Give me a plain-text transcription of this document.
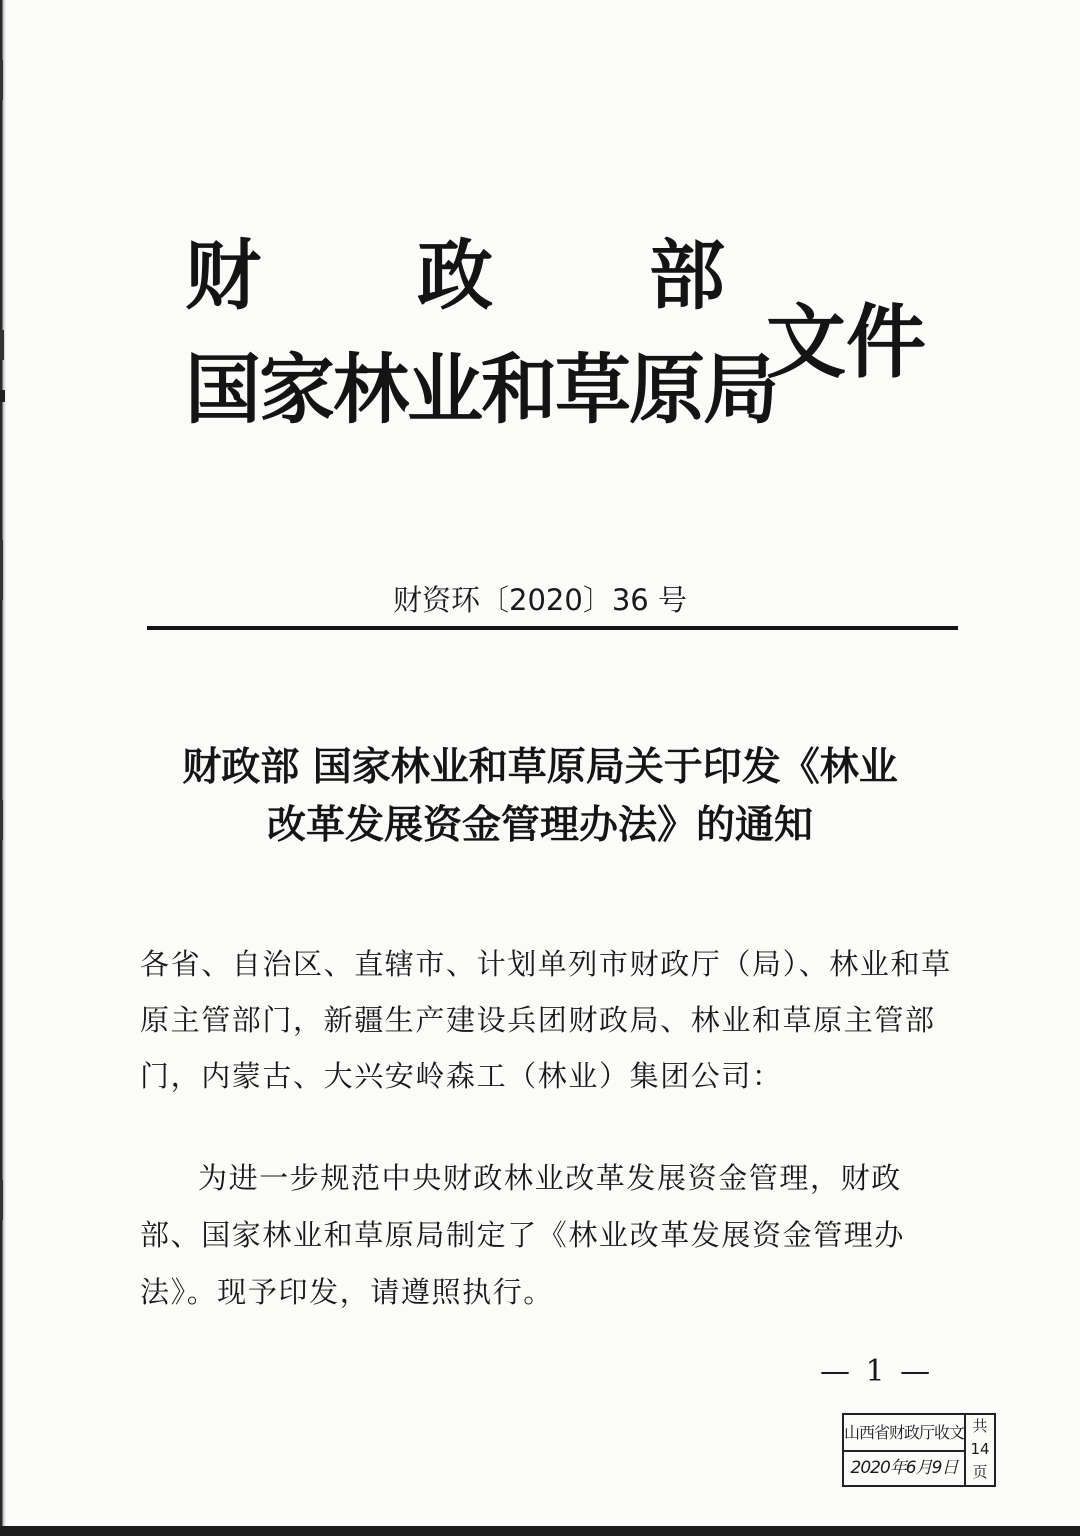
财 政 部
国家林业和草原局
文件
财资环〔2020〕36 号
财政部 国家林业和草原局关于印发《林业
改革发展资金管理办法》的通知
各省、自治区、直辖市、计划单列市财政厅（局）、林业和草原主管部门，新疆生产建设兵团财政局、林业和草原主管部门，内蒙古、大兴安岭森工（林业）集团公司：
为进一步规范中央财政林业改革发展资金管理，财政部、国家林业和草原局制定了《林业改革发展资金管理办法》。现予印发，请遵照执行。
— 1 —
山西省财政厅收文
2020年6月9日
共
14
页
